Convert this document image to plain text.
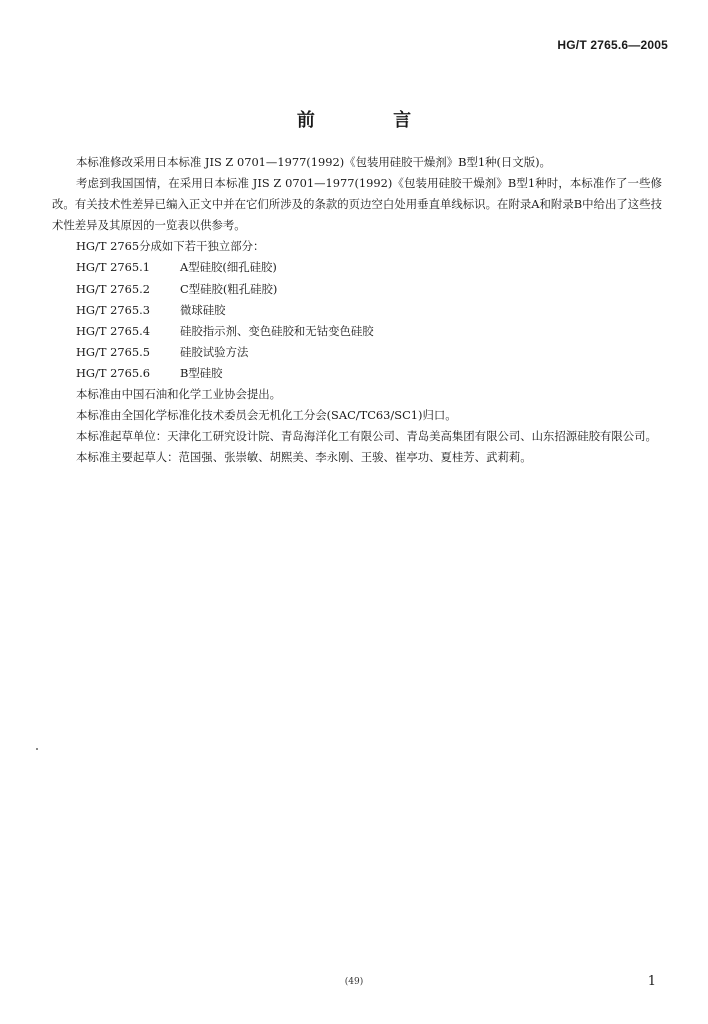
HG/T 2765.6—2005
前 言

本标准修改采用日本标准 JIS Z 0701—1977(1992)《包装用硅胶干燥剂》B型1种(日文版)。

考虑到我国国情，在采用日本标准 JIS Z 0701—1977(1992)《包装用硅胶干燥剂》B型1种时，本标准作了一些修改。有关技术性差异已编入正文中并在它们所涉及的条款的页边空白处用垂直单线标识。在附录A和附录B中给出了这些技术性差异及其原因的一览表以供参考。

HG/T 2765分成如下若干独立部分：

HG/T 2765.1	A型硅胶(细孔硅胶)
HG/T 2765.2	C型硅胶(粗孔硅胶)
HG/T 2765.3	微球硅胶
HG/T 2765.4	硅胶指示剂、变色硅胶和无钴变色硅胶
HG/T 2765.5	硅胶试验方法
HG/T 2765.6	B型硅胶

本标准由中国石油和化学工业协会提出。

本标准由全国化学标准化技术委员会无机化工分会(SAC/TC63/SC1)归口。

本标准起草单位：天津化工研究设计院、青岛海洋化工有限公司、青岛美高集团有限公司、山东招源硅胶有限公司。

本标准主要起草人：范国强、张崇敏、胡熙美、李永刚、王骏、崔亭功、夏桂芳、武莉莉。

(49)	1
